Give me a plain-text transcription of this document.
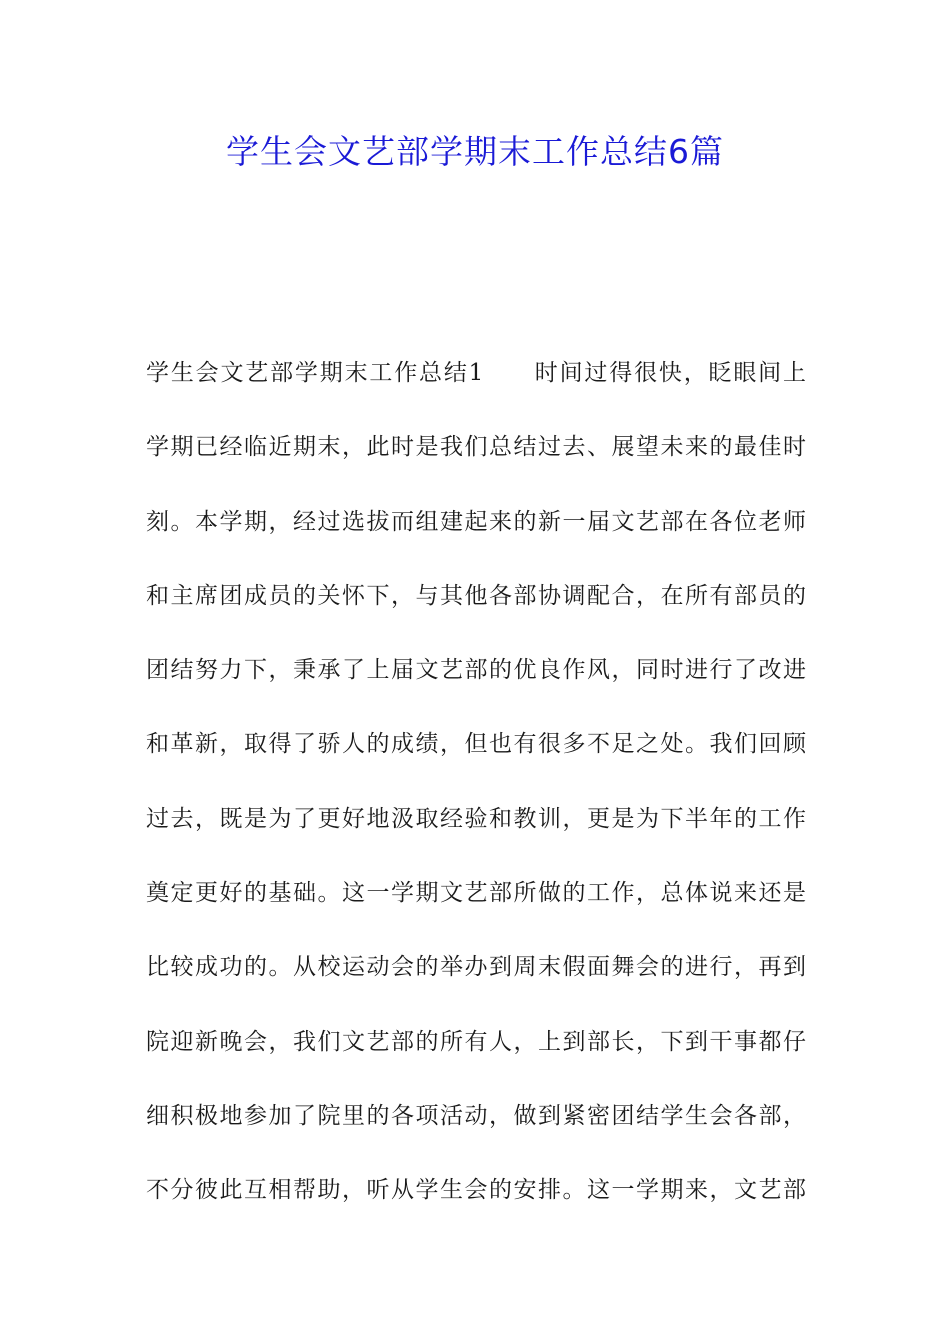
学生会文艺部学期末工作总结6篇
学生会文艺部学期末工作总结1　　时间过得很快，眨眼间上
学期已经临近期末，此时是我们总结过去、展望未来的最佳时
刻。本学期，经过选拔而组建起来的新一届文艺部在各位老师
和主席团成员的关怀下，与其他各部协调配合，在所有部员的
团结努力下，秉承了上届文艺部的优良作风，同时进行了改进
和革新，取得了骄人的成绩，但也有很多不足之处。我们回顾
过去，既是为了更好地汲取经验和教训，更是为下半年的工作
奠定更好的基础。这一学期文艺部所做的工作，总体说来还是
比较成功的。从校运动会的举办到周末假面舞会的进行，再到
院迎新晚会，我们文艺部的所有人，上到部长，下到干事都仔
细积极地参加了院里的各项活动，做到紧密团结学生会各部，
不分彼此互相帮助，听从学生会的安排。这一学期来，文艺部
